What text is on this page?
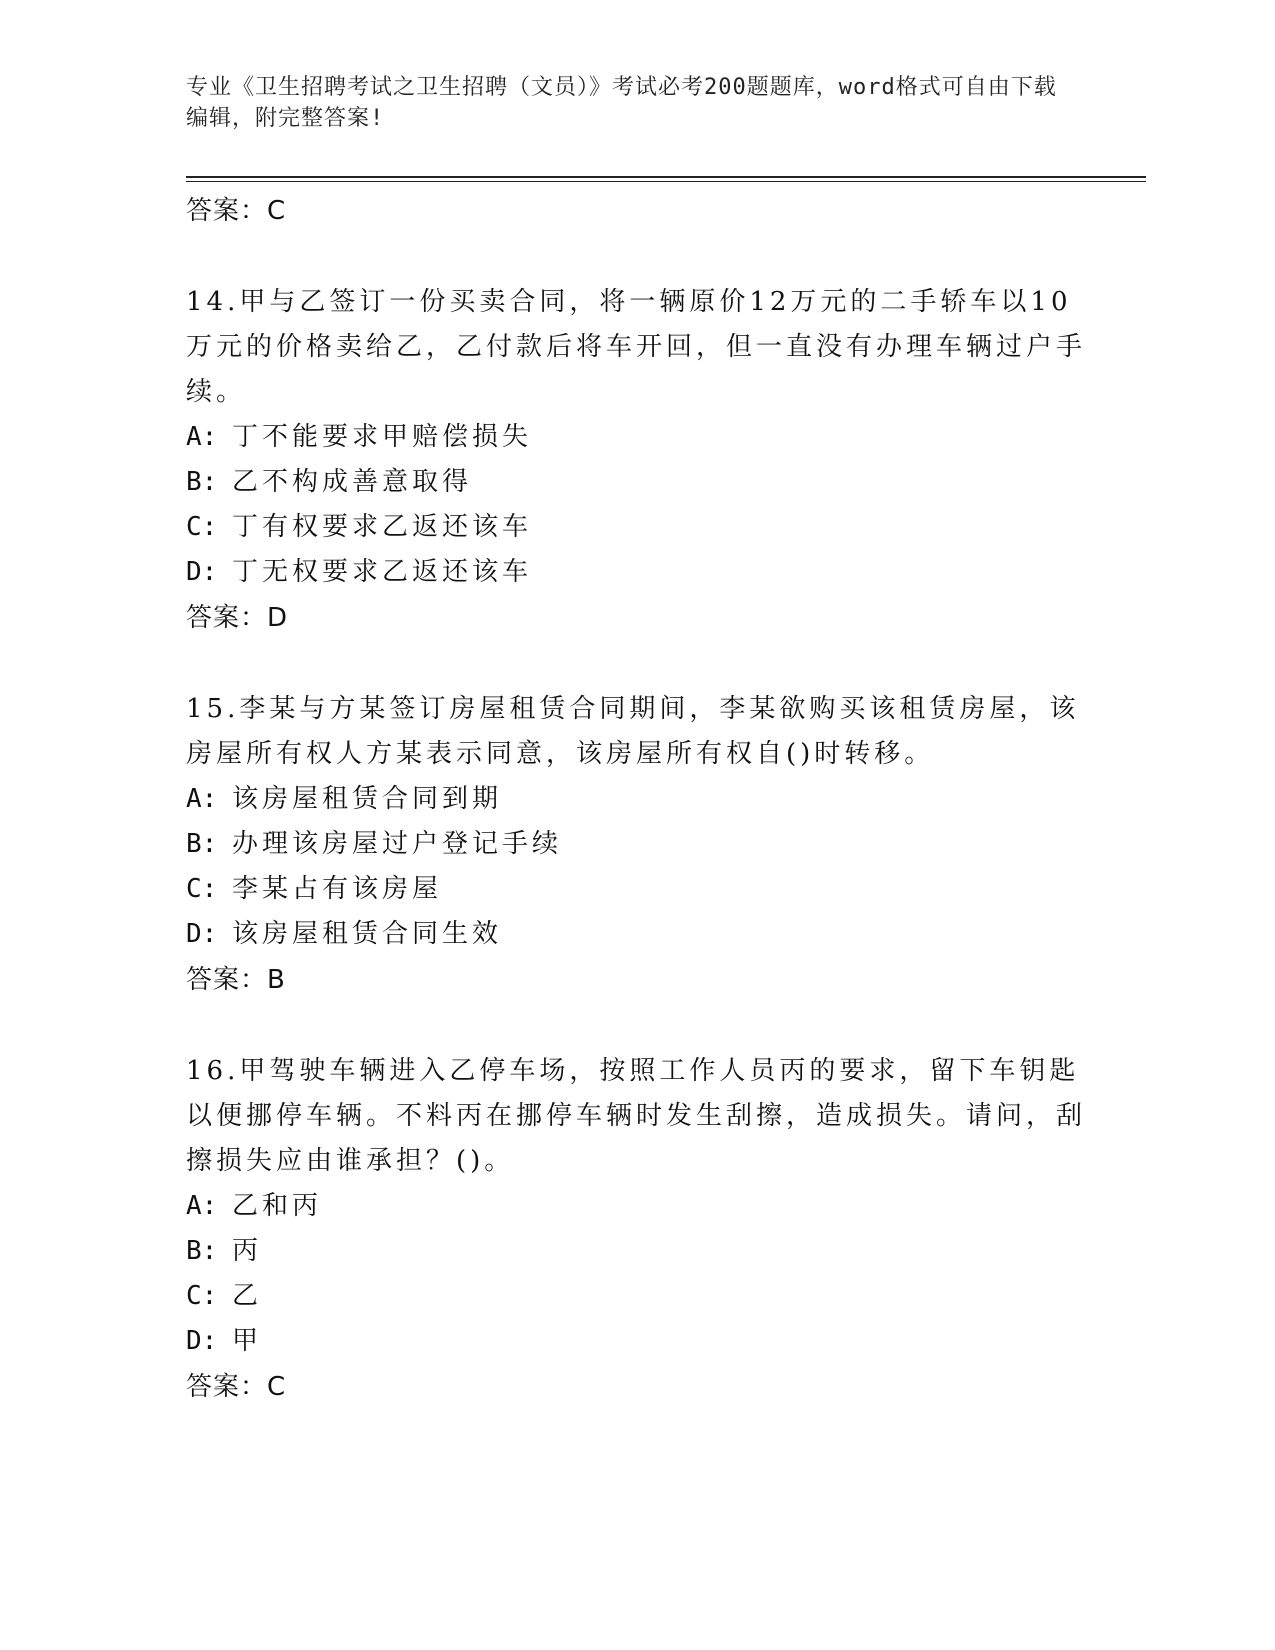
专业《卫生招聘考试之卫生招聘（文员）》考试必考200题题库，word格式可自由下载编辑，附完整答案!

答案：C

14.甲与乙签订一份买卖合同，将一辆原价12万元的二手轿车以10万元的价格卖给乙，乙付款后将车开回，但一直没有办理车辆过户手续。

A: 丁不能要求甲赔偿损失

B: 乙不构成善意取得

C: 丁有权要求乙返还该车

D: 丁无权要求乙返还该车

答案：D

15.李某与方某签订房屋租赁合同期间，李某欲购买该租赁房屋，该房屋所有权人方某表示同意，该房屋所有权自()时转移。

A: 该房屋租赁合同到期

B: 办理该房屋过户登记手续

C: 李某占有该房屋

D: 该房屋租赁合同生效

答案：B

16.甲驾驶车辆进入乙停车场，按照工作人员丙的要求，留下车钥匙以便挪停车辆。不料丙在挪停车辆时发生刮擦，造成损失。请问，刮擦损失应由谁承担？()。

A: 乙和丙

B: 丙

C: 乙

D: 甲

答案：C
